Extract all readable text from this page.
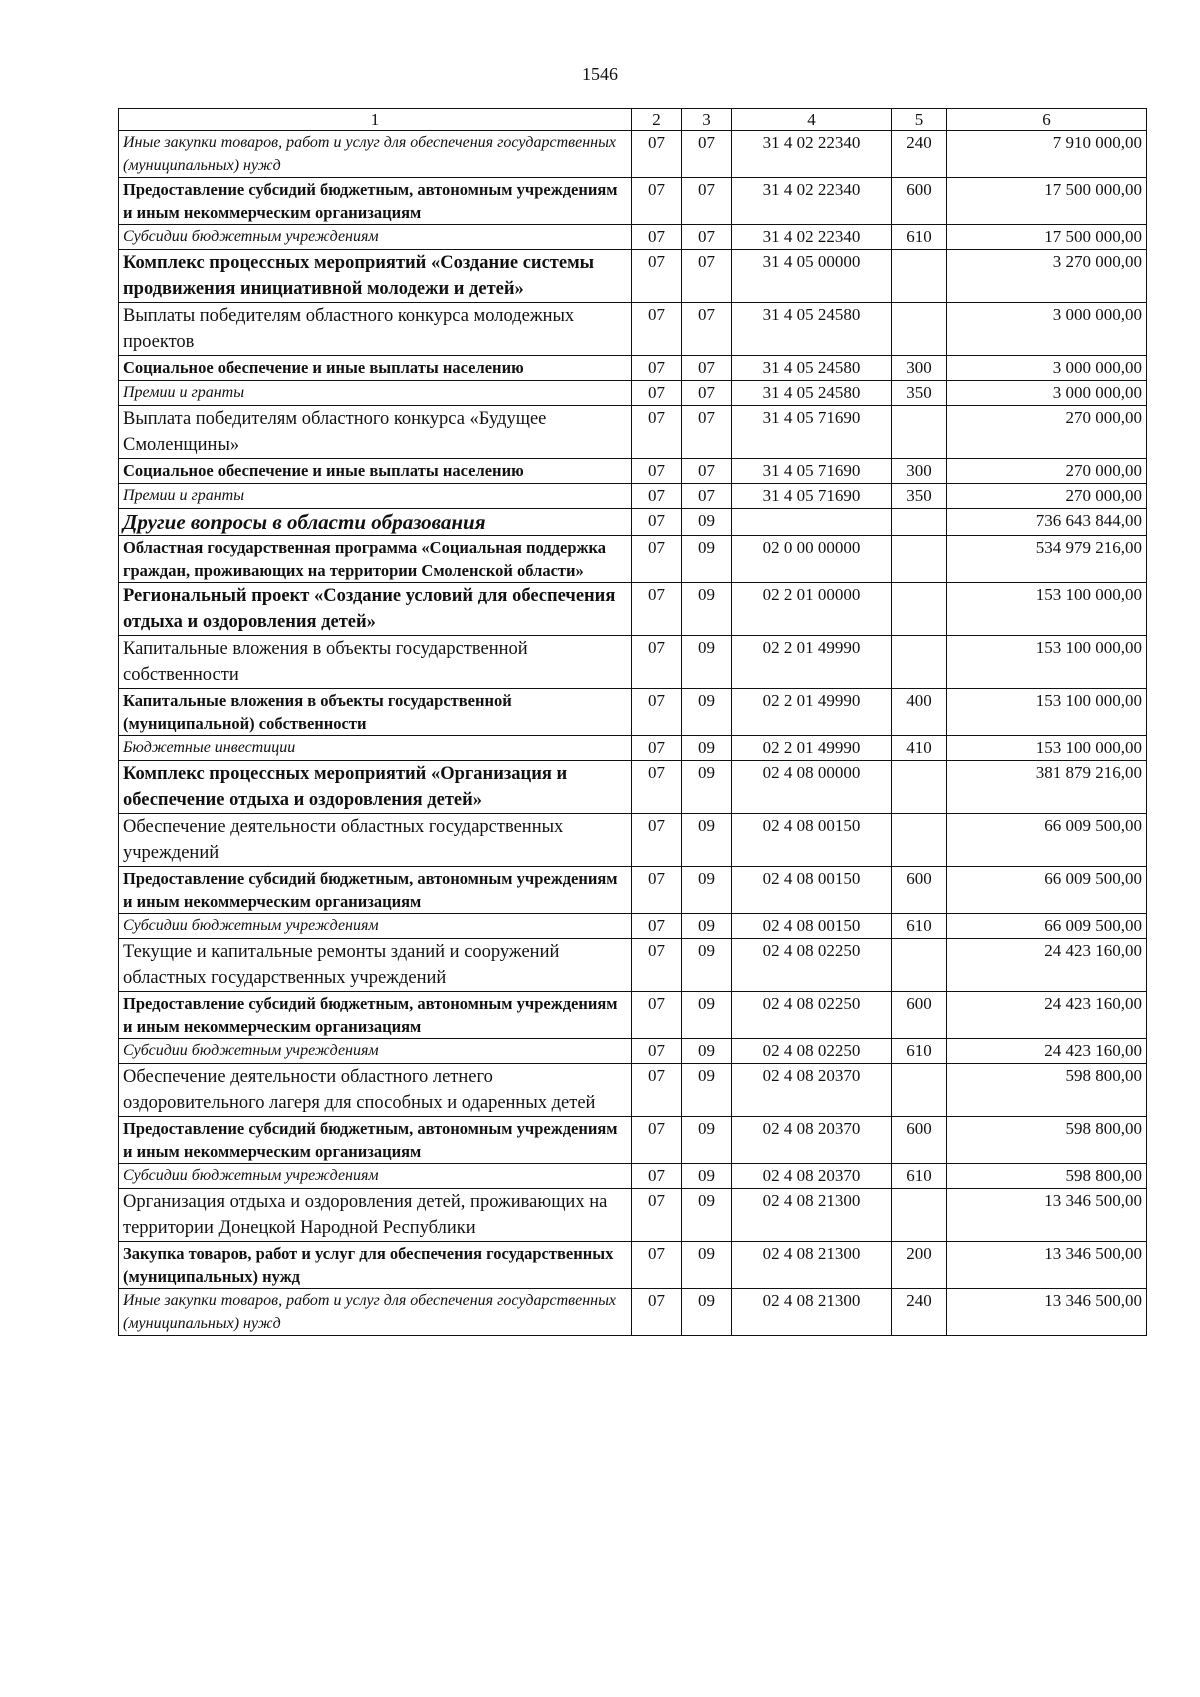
1546
1	2	3	4	5	6
Иные закупки товаров, работ и услуг для обеспечения государственных (муниципальных) нужд	07	07	31 4 02 22340	240	7 910 000,00
Предоставление субсидий бюджетным, автономным учреждениям и иным некоммерческим организациям	07	07	31 4 02 22340	600	17 500 000,00
Субсидии бюджетным учреждениям	07	07	31 4 02 22340	610	17 500 000,00
Комплекс процессных мероприятий «Создание системы продвижения инициативной молодежи и детей»	07	07	31 4 05 00000		3 270 000,00
Выплаты победителям областного конкурса молодежных проектов	07	07	31 4 05 24580		3 000 000,00
Социальное обеспечение и иные выплаты населению	07	07	31 4 05 24580	300	3 000 000,00
Премии и гранты	07	07	31 4 05 24580	350	3 000 000,00
Выплата победителям областного конкурса «Будущее Смоленщины»	07	07	31 4 05 71690		270 000,00
Социальное обеспечение и иные выплаты населению	07	07	31 4 05 71690	300	270 000,00
Премии и гранты	07	07	31 4 05 71690	350	270 000,00
Другие вопросы в области образования	07	09			736 643 844,00
Областная государственная программа «Социальная поддержка граждан, проживающих на территории Смоленской области»	07	09	02 0 00 00000		534 979 216,00
Региональный проект «Создание условий для обеспечения отдыха и оздоровления детей»	07	09	02 2 01 00000		153 100 000,00
Капитальные вложения в объекты государственной собственности	07	09	02 2 01 49990		153 100 000,00
Капитальные вложения в объекты государственной (муниципальной) собственности	07	09	02 2 01 49990	400	153 100 000,00
Бюджетные инвестиции	07	09	02 2 01 49990	410	153 100 000,00
Комплекс процессных мероприятий «Организация и обеспечение отдыха и оздоровления детей»	07	09	02 4 08 00000		381 879 216,00
Обеспечение деятельности областных государственных учреждений	07	09	02 4 08 00150		66 009 500,00
Предоставление субсидий бюджетным, автономным учреждениям и иным некоммерческим организациям	07	09	02 4 08 00150	600	66 009 500,00
Субсидии бюджетным учреждениям	07	09	02 4 08 00150	610	66 009 500,00
Текущие и капитальные ремонты зданий и сооружений областных государственных учреждений	07	09	02 4 08 02250		24 423 160,00
Предоставление субсидий бюджетным, автономным учреждениям и иным некоммерческим организациям	07	09	02 4 08 02250	600	24 423 160,00
Субсидии бюджетным учреждениям	07	09	02 4 08 02250	610	24 423 160,00
Обеспечение деятельности областного летнего оздоровительного лагеря для способных и одаренных детей	07	09	02 4 08 20370		598 800,00
Предоставление субсидий бюджетным, автономным учреждениям и иным некоммерческим организациям	07	09	02 4 08 20370	600	598 800,00
Субсидии бюджетным учреждениям	07	09	02 4 08 20370	610	598 800,00
Организация отдыха и оздоровления детей, проживающих на территории Донецкой Народной Республики	07	09	02 4 08 21300		13 346 500,00
Закупка товаров, работ и услуг для обеспечения государственных (муниципальных) нужд	07	09	02 4 08 21300	200	13 346 500,00
Иные закупки товаров, работ и услуг для обеспечения государственных (муниципальных) нужд	07	09	02 4 08 21300	240	13 346 500,00
